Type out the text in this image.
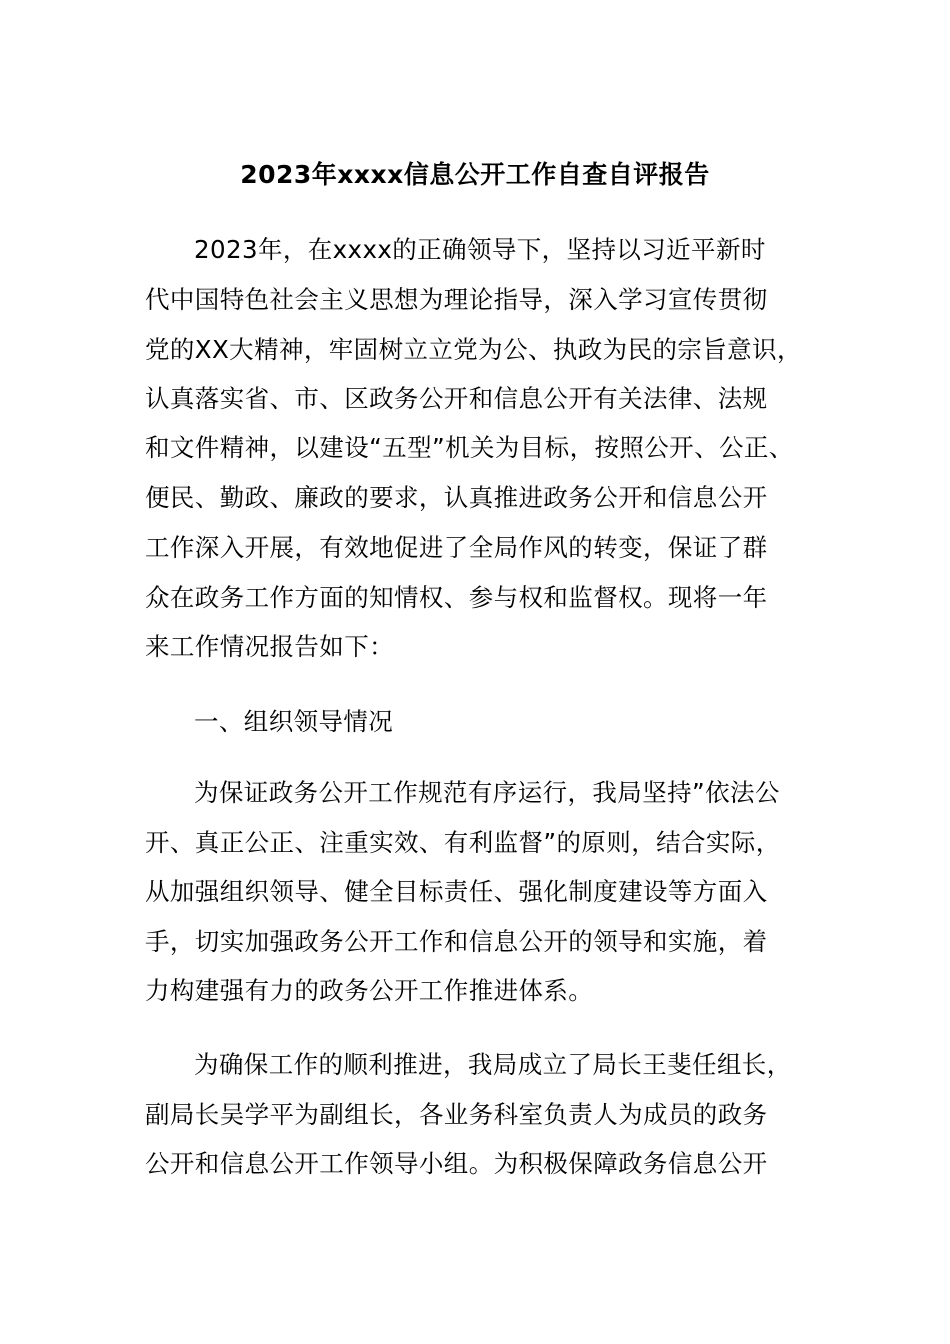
2023年xxxx信息公开工作自查自评报告
2023年，在xxxx的正确领导下，坚持以习近平新时
代中国特色社会主义思想为理论指导，深入学习宣传贯彻
党的XX大精神，牢固树立立党为公、执政为民的宗旨意识，
认真落实省、市、区政务公开和信息公开有关法律、法规
和文件精神，以建设“五型”机关为目标，按照公开、公正、
便民、勤政、廉政的要求，认真推进政务公开和信息公开
工作深入开展，有效地促进了全局作风的转变，保证了群
众在政务工作方面的知情权、参与权和监督权。现将一年
来工作情况报告如下：
一、组织领导情况
为保证政务公开工作规范有序运行，我局坚持”依法公
开、真正公正、注重实效、有利监督”的原则，结合实际，
从加强组织领导、健全目标责任、强化制度建设等方面入
手，切实加强政务公开工作和信息公开的领导和实施，着
力构建强有力的政务公开工作推进体系。
为确保工作的顺利推进，我局成立了局长王斐任组长，
副局长吴学平为副组长，各业务科室负责人为成员的政务
公开和信息公开工作领导小组。为积极保障政务信息公开
